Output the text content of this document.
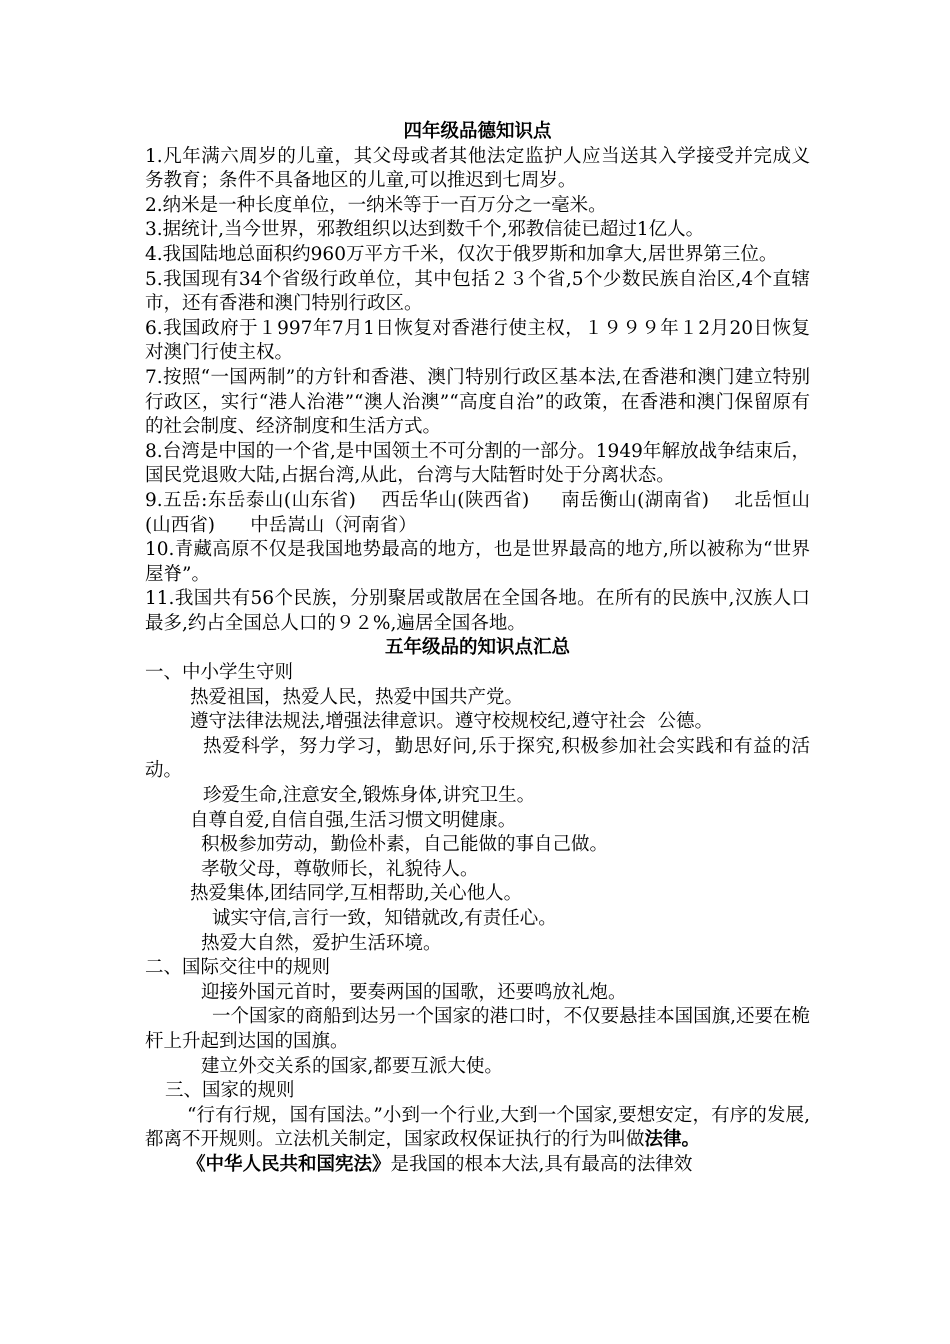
四年级品德知识点

1.凡年满六周岁的儿童，其父母或者其他法定监护人应当送其入学接受并完成义务教育；条件不具备地区的儿童,可以推迟到七周岁。

2.纳米是一种长度单位，一纳米等于一百万分之一毫米。

3.据统计,当今世界，邪教组织以达到数千个,邪教信徒已超过1亿人。

4.我国陆地总面积约960万平方千米，仅次于俄罗斯和加拿大,居世界第三位。

5.我国现有34个省级行政单位，其中包括２３个省,5个少数民族自治区,4个直辖市，还有香港和澳门特别行政区。

6.我国政府于１997年7月1日恢复对香港行使主权，１９９９年１2月20日恢复对澳门行使主权。

7.按照“一国两制”的方针和香港、澳门特别行政区基本法,在香港和澳门建立特别行政区，实行“港人治港”“澳人治澳”“高度自治”的政策，在香港和澳门保留原有的社会制度、经济制度和生活方式。

8.台湾是中国的一个省,是中国领土不可分割的一部分。1949年解放战争结束后，国民党退败大陆,占据台湾,从此，台湾与大陆暂时处于分离状态。

9.五岳:东岳泰山(山东省)    西岳华山(陕西省)     南岳衡山(湖南省)    北岳恒山(山西省)      中岳嵩山（河南省）

10.青藏高原不仅是我国地势最高的地方，也是世界最高的地方,所以被称为“世界屋脊”。

11.我国共有56个民族，分别聚居或散居在全国各地。在所有的民族中,汉族人口最多,约占全国总人口的９２%,遍居全国各地。

五年级品的知识点汇总

一、中小学生守则

热爱祖国，热爱人民，热爱中国共产党。

遵守法律法规法,增强法律意识。遵守校规校纪,遵守社会  公德。

热爱科学，努力学习，勤思好问,乐于探究,积极参加社会实践和有益的活动。

珍爱生命,注意安全,锻炼身体,讲究卫生。

自尊自爱,自信自强,生活习惯文明健康。

积极参加劳动，勤俭朴素，自己能做的事自己做。

孝敬父母，尊敬师长，礼貌待人。

热爱集体,团结同学,互相帮助,关心他人。

诚实守信,言行一致，知错就改,有责任心。

热爱大自然，爱护生活环境。

二、国际交往中的规则

迎接外国元首时，要奏两国的国歌，还要鸣放礼炮。

一个国家的商船到达另一个国家的港口时，不仅要悬挂本国国旗,还要在桅杆上升起到达国的国旗。

建立外交关系的国家,都要互派大使。

三、国家的规则

“行有行规，国有国法。”小到一个行业,大到一个国家,要想安定，有序的发展,都离不开规则。立法机关制定，国家政权保证执行的行为叫做法律。

《中华人民共和国宪法》是我国的根本大法,具有最高的法律效
